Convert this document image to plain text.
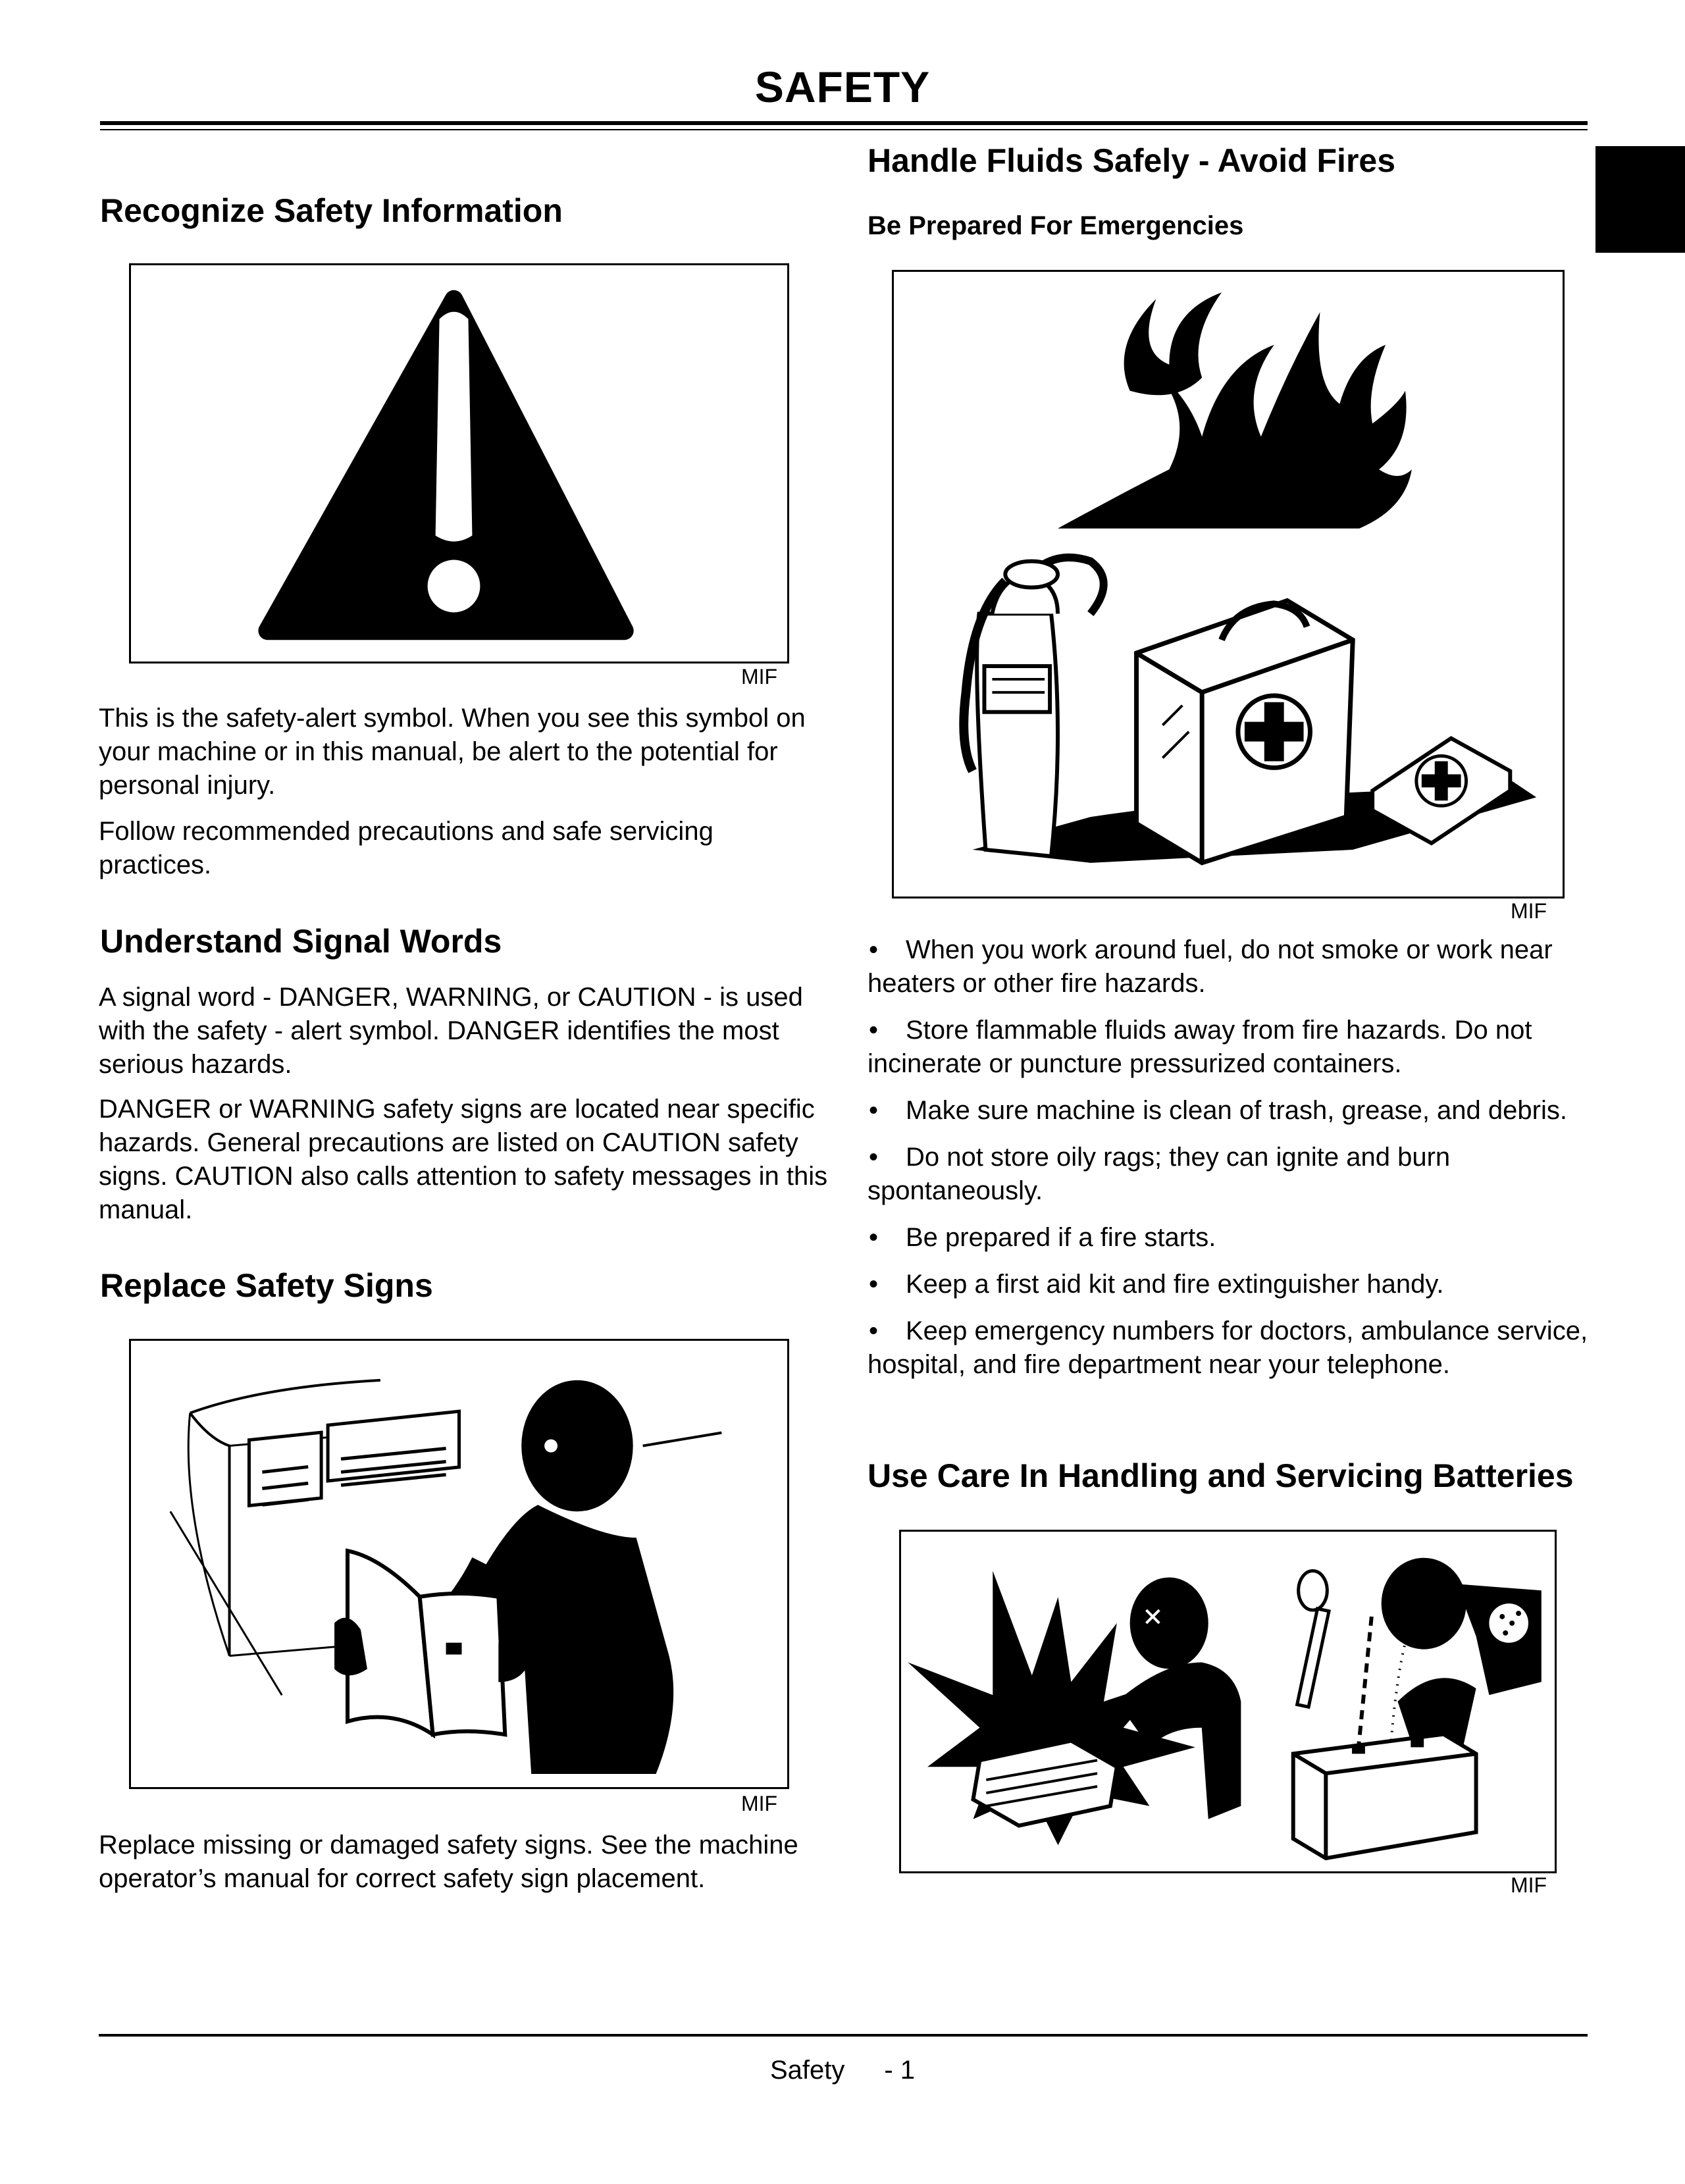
SAFETY
Recognize Safety Information
MIF

This is the safety-alert symbol. When you see this symbol on your machine or in this manual, be alert to the potential for personal injury.

Follow recommended precautions and safe servicing practices.

Understand Signal Words

A signal word - DANGER, WARNING, or CAUTION - is used with the safety - alert symbol. DANGER identifies the most serious hazards.

DANGER or WARNING safety signs are located near specific hazards. General precautions are listed on CAUTION safety signs. CAUTION also calls attention to safety messages in this manual.

Replace Safety Signs
MIF

Replace missing or damaged safety signs. See the machine operator’s manual for correct safety sign placement.

Handle Fluids Safely - Avoid Fires
Be Prepared For Emergencies
MIF
• When you work around fuel, do not smoke or work near heaters or other fire hazards.
• Store flammable fluids away from fire hazards. Do not incinerate or puncture pressurized containers.
• Make sure machine is clean of trash, grease, and debris.
• Do not store oily rags; they can ignite and burn spontaneously.
• Be prepared if a fire starts.
• Keep a first aid kit and fire extinguisher handy.
• Keep emergency numbers for doctors, ambulance service, hospital, and fire department near your telephone.
Use Care In Handling and Servicing Batteries
MIF
Safety - 1
